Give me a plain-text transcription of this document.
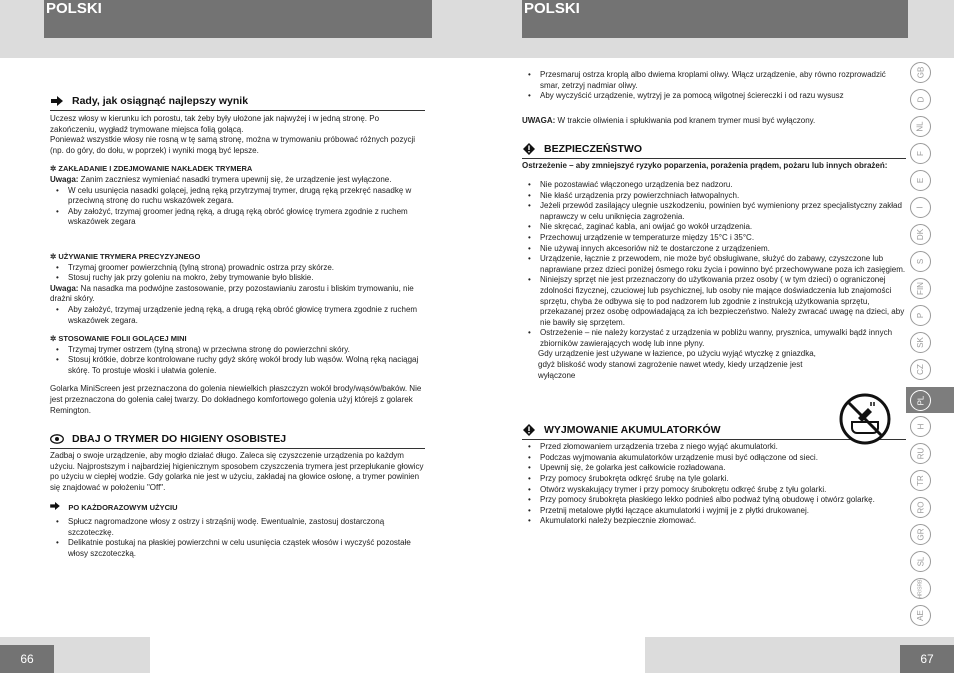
POLSKI	POLSKI
Rady, jak osiągnąć najlepszy wynik

Uczesz włosy w kierunku ich porostu, tak żeby były ułożone jak najwyżej i w jedną stronę. Po zakończeniu, wygładź trymowane miejsca folią golącą.

Ponieważ wszystkie włosy nie rosną w tę samą stronę, można w trymowaniu próbować różnych pozycji (np. do góry, do dołu, w poprzek) i wyniki mogą być lepsze.

✲ ZAKŁADANIE I ZDEJMOWANIE NAKŁADEK TRYMERA

Uwaga: Zanim zaczniesz wymieniać nasadki trymera upewnij się, że urządzenie jest wyłączone.

• W celu usunięcia nasadki golącej, jedną ręką przytrzymaj trymer, drugą ręką przekręć nasadkę w przeciwną stronę do ruchu wskazówek zegara.
• Aby założyć, trzymaj groomer jedną ręką, a drugą ręką obróć głowicę trymera zgodnie z ruchem wskazówek zegara

✲ UŻYWANIE TRYMERA PRECYZYJNEGO

• Trzymaj groomer powierzchnią (tylną stroną) prowadnic ostrza przy skórze.
• Stosuj ruchy jak przy goleniu na mokro, żeby trymowanie było bliskie.

Uwaga: Na nasadka ma podwójne zastosowanie, przy pozostawianiu zarostu i bliskim trymowaniu, nie drażni skóry.

• Aby założyć, trzymaj urządzenie jedną ręką, a drugą ręką obróć głowicę trymera zgodnie z ruchem wskazówek zegara.

✲ STOSOWANIE FOLII GOLĄCEJ MINI

• Trzymaj trymer ostrzem (tylną stroną) w przeciwna stronę do powierzchni skóry.
• Stosuj krótkie, dobrze kontrolowane ruchy gdyż skórę wokół brody lub wąsów. Wolną ręką naciągaj skórę. To prostuje włoski i ułatwia golenie.

Golarka MiniScreen jest przeznaczona do golenia niewielkich płaszczyzn wokół brody/wąsów/baków. Nie jest przeznaczona do golenia całej twarzy. Do dokładnego komfortowego golenia użyj którejś z golarek Remington.

DBAJ O TRYMER DO HIGIENY OSOBISTEJ

Zadbaj o swoje urządzenie, aby mogło działać długo. Zaleca się czyszczenie urządzenia po każdym użyciu. Najprostszym i najbardziej higienicznym sposobem czyszczenia trymera jest przepłukanie głowicy po użyciu w ciepłej wodzie. Gdy golarka nie jest w użyciu, zakładaj na głowice osłonę, a trymer powinien się znajdować w położeniu "Off".

PO KAŻDORAZOWYM UŻYCIU

• Spłucz nagromadzone włosy z ostrzy i strząśnij wodę. Ewentualnie, zastosuj dostarczoną szczoteczkę.
• Delikatnie postukaj na płaskiej powierzchni w celu usunięcia cząstek włosów i wyczyść pozostałe włosy szczoteczką.
• Przesmaruj ostrza kroplą albo dwiema kroplami oliwy. Włącz urządzenie, aby równo rozprowadzić smar, zetrzyj nadmiar oliwy.
• Aby wyczyścić urządzenie, wytrzyj je za pomocą wilgotnej ściereczki i od razu wysusz

UWAGA: W trakcie oliwienia i spłukiwania pod kranem trymer musi być wyłączony.

BEZPIECZEŃSTWO

Ostrzeżenie – aby zmniejszyć ryzyko poparzenia, porażenia prądem, pożaru lub innych obrażeń:

• Nie pozostawiać włączonego urządzenia bez nadzoru.
• Nie kłaść urządzenia przy powierzchniach łatwopalnych.
• Jeżeli przewód zasilający ulegnie uszkodzeniu, powinien być wymieniony przez specjalistyczny zakład naprawczy w celu uniknięcia zagrożenia.
• Nie skręcać, zaginać kabla, ani owijać go wokół urządzenia.
• Przechowuj urządzenie w temperaturze między 15°C i 35°C.
• Nie używaj innych akcesoriów niż te dostarczone z urządzeniem.
• Urządzenie, łącznie z przewodem, nie może być obsługiwane, służyć do zabawy, czyszczone lub naprawiane przez dzieci poniżej ósmego roku życia i powinno być przechowywane poza ich zasięgiem.
• Niniejszy sprzęt nie jest przeznaczony do użytkowania przez osoby ( w tym dzieci) o ograniczonej zdolności fizycznej, czuciowej lub psychicznej, lub osoby nie mające doświadczenia lub znajomości sprzętu, chyba że odbywa się to pod nadzorem lub zgodnie z instrukcją użytkowania sprzętu, przekazanej przez osobę odpowiadającą za ich bezpieczeństwo. Należy zwracać uwagę na dzieci, aby nie bawiły się sprzętem.
• Ostrzeżenie – nie należy korzystać z urządzenia w pobliżu wanny, prysznica, umywalki bądź innych zbiorników zawierających wodę lub inne płyny.

Gdy urządzenie jest używane w łazience, po użyciu wyjąć wtyczkę z gniazdka, gdyż bliskość wody stanowi zagrożenie nawet wtedy, kiedy urządzenie jest wyłączone

WYJMOWANIE AKUMULATORKÓW
• Przed złomowaniem urządzenia trzeba z niego wyjąć akumulatorki.
• Podczas wyjmowania akumulatorków urządzenie musi być odłączone od sieci.
• Upewnij się, że golarka jest całkowicie rozładowana.
• Przy pomocy śrubokręta odkręć śrubę na tyle golarki.
• Otwórz wyskakujący trymer i przy pomocy śrubokrętu odkręć śrubę z tyłu golarki.
• Przy pomocy śrubokręta płaskiego lekko podnieś albo podważ tylną obudowę i otwórz golarkę.
• Przetnij metalowe płytki łączące akumulatorki i wyjmij je z płytki drukowanej.
• Akumulatorki należy bezpiecznie złomować.
GB
D
NL
F
E
I
DK
S
FIN
P
SK
CZ
H
RU
TR
RO
GR
SL
HR/SRB
AE
PL
66	67
